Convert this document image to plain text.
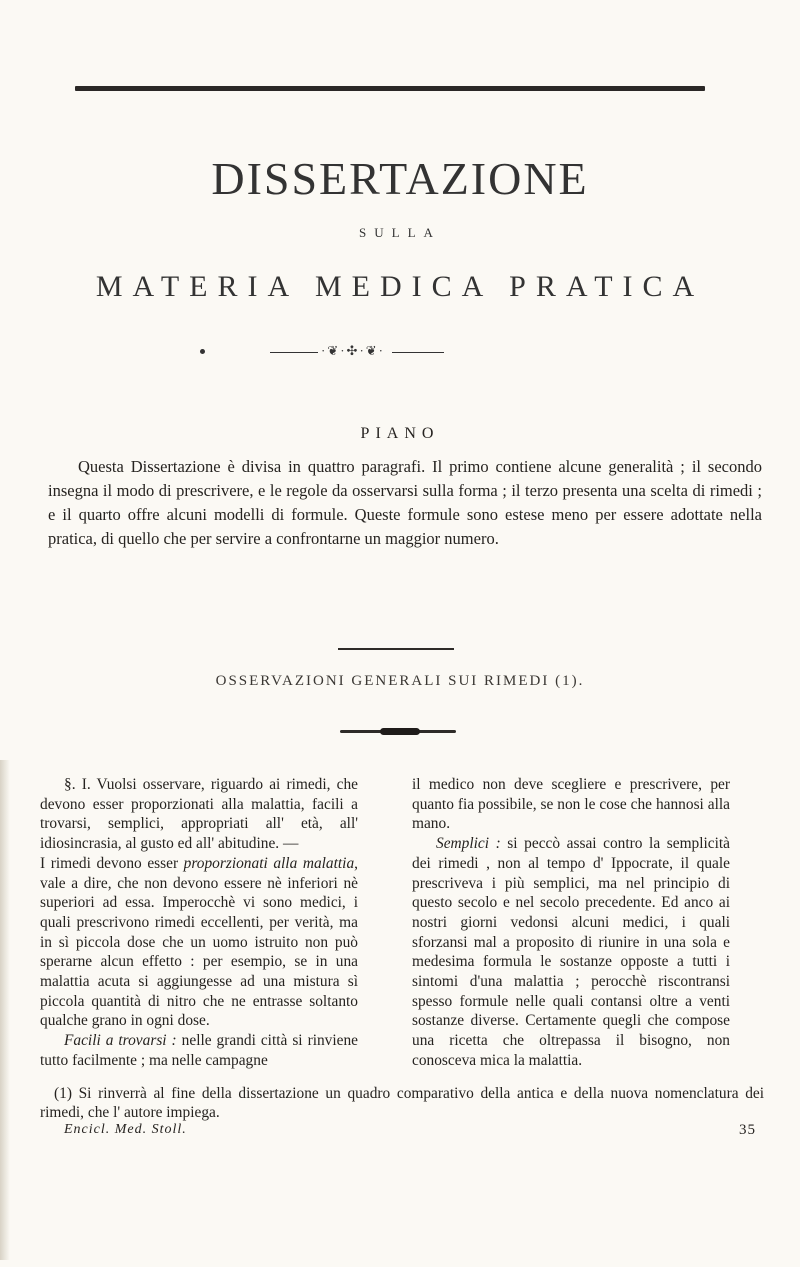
DISSERTAZIONE
SULLA
MATERIA MEDICA PRATICA
·❦·✣·❦·
PIANO
Questa Dissertazione è divisa in quattro paragrafi. Il primo contiene alcune generalità ; il secondo insegna il modo di prescrivere, e le regole da osservarsi sulla forma ; il terzo presenta una scelta di rimedi ; e il quarto offre alcuni modelli di formule. Queste formule sono estese meno per essere adottate nella pratica, di quello che per servire a confrontarne un maggior numero.
OSSERVAZIONI GENERALI SUI RIMEDI (1).

§. I. Vuolsi osservare, riguardo ai rimedi, che devono esser proporzionati alla malattia, facili a trovarsi, semplici, appropriati all' età, all' idiosincrasia, al gusto ed all' abitudine. —

I rimedi devono esser proporzionati alla malattia, vale a dire, che non devono essere nè inferiori nè superiori ad essa. Imperocchè vi sono medici, i quali prescrivono rimedi eccellenti, per verità, ma in sì piccola dose che un uomo istruito non può sperarne alcun effetto : per esempio, se in una malattia acuta si aggiungesse ad una mistura sì piccola quantità di nitro che ne entrasse soltanto qualche grano in ogni dose.

Facili a trovarsi : nelle grandi città si rinviene tutto facilmente ; ma nelle campagne

il medico non deve scegliere e prescrivere, per quanto fia possibile, se non le cose che hannosi alla mano.

Semplici : si peccò assai contro la semplicità dei rimedi , non al tempo d' Ippocrate, il quale prescriveva i più semplici, ma nel principio di questo secolo e nel secolo precedente. Ed anco ai nostri giorni vedonsi alcuni medici, i quali sforzansi mal a proposito di riunire in una sola e medesima formula le sostanze opposte a tutti i sintomi d'una malattia ; perocchè riscontransi spesso formule nelle quali contansi oltre a venti sostanze diverse. Certamente quegli che compose una ricetta che oltrepassa il bisogno, non conosceva mica la malattia.

(1) Si rinverrà al fine della dissertazione un quadro comparativo della antica e della nuova nomenclatura dei rimedi, che l' autore impiega.
Encicl. Med. Stoll.	35
